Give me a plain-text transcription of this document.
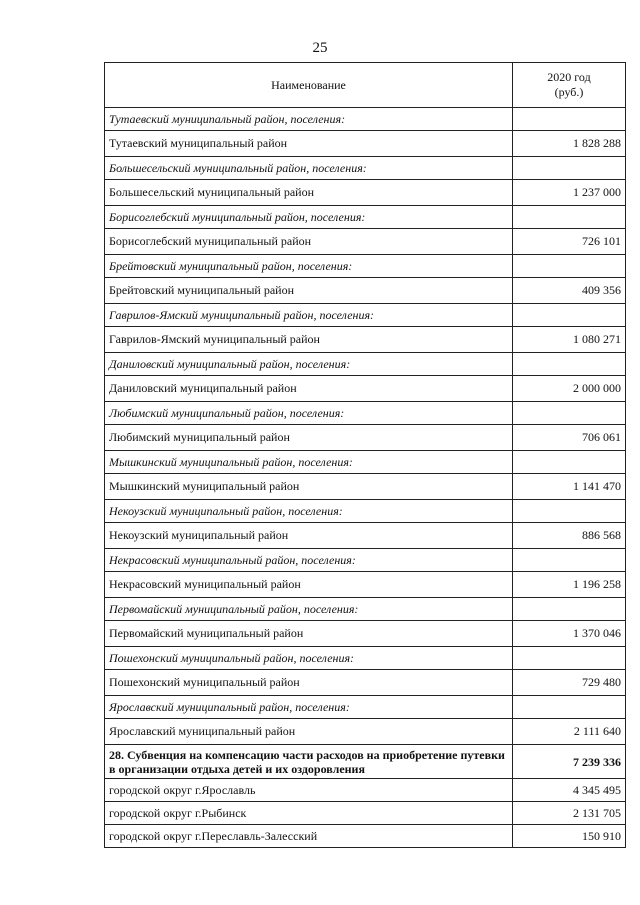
25
Наименование	2020 год
(руб.)

Тутаевский муниципальный район, поселения:	
Тутаевский муниципальный район	1 828 288
Большесельский муниципальный район, поселения:	
Большесельский муниципальный район	1 237 000
Борисоглебский муниципальный район, поселения:	
Борисоглебский муниципальный район	726 101
Брейтовский муниципальный район, поселения:	
Брейтовский муниципальный район	409 356
Гаврилов-Ямский муниципальный район, поселения:	
Гаврилов-Ямский муниципальный район	1 080 271
Даниловский муниципальный район, поселения:	
Даниловский муниципальный район	2 000 000
Любимский муниципальный район, поселения:	
Любимский муниципальный район	706 061
Мышкинский муниципальный район, поселения:	
Мышкинский муниципальный район	1 141 470
Некоузский муниципальный район, поселения:	
Некоузский муниципальный район	886 568
Некрасовский муниципальный район, поселения:	
Некрасовский муниципальный район	1 196 258
Первомайский муниципальный район, поселения:	
Первомайский муниципальный район	1 370 046
Пошехонский муниципальный район, поселения:	
Пошехонский муниципальный район	729 480
Ярославский муниципальный район, поселения:	
Ярославский муниципальный район	2 111 640
28. Субвенция на компенсацию части расходов на приобретение путевки в организации отдыха детей и их оздоровления	7 239 336
городской округ г.Ярославль	4 345 495
городской округ г.Рыбинск	2 131 705
городской округ г.Переславль-Залесский	150 910
